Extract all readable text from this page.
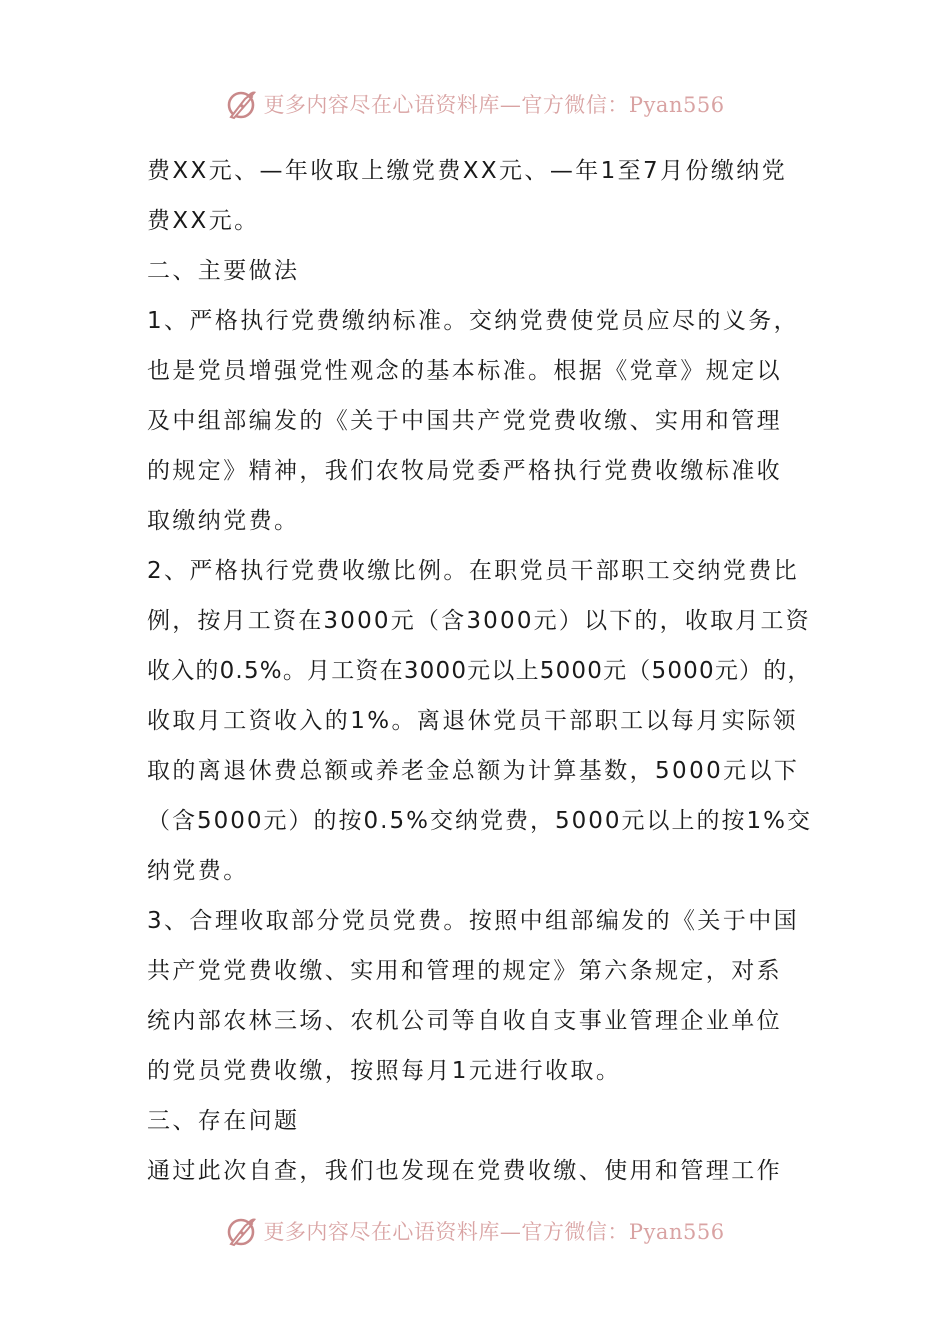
更多内容尽在心语资料库—官方微信：Pyan556
费XX元、—年收取上缴党费XX元、—年1至7月份缴纳党
费XX元。
二、主要做法
1、严格执行党费缴纳标准。交纳党费使党员应尽的义务，
也是党员增强党性观念的基本标准。根据《党章》规定以
及中组部编发的《关于中国共产党党费收缴、实用和管理
的规定》精神，我们农牧局党委严格执行党费收缴标准收
取缴纳党费。
2、严格执行党费收缴比例。在职党员干部职工交纳党费比
例，按月工资在3000元（含3000元）以下的，收取月工资
收入的0.5%。月工资在3000元以上5000元（5000元）的，
收取月工资收入的1%。离退休党员干部职工以每月实际领
取的离退休费总额或养老金总额为计算基数，5000元以下
（含5000元）的按0.5%交纳党费，5000元以上的按1%交
纳党费。
3、合理收取部分党员党费。按照中组部编发的《关于中国
共产党党费收缴、实用和管理的规定》第六条规定，对系
统内部农林三场、农机公司等自收自支事业管理企业单位
的党员党费收缴，按照每月1元进行收取。
三、存在问题
通过此次自查，我们也发现在党费收缴、使用和管理工作
更多内容尽在心语资料库—官方微信：Pyan556
